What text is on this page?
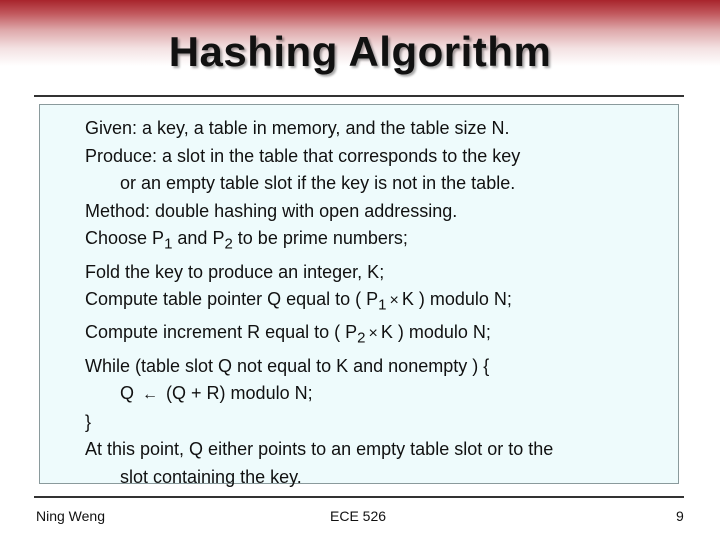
Hashing Algorithm
Given: a key, a table in memory, and the table size N.
Produce: a slot in the table that corresponds to the key
or an empty table slot if the key is not in the table.
Method: double hashing with open addressing.
Choose $P_1$ and $P_2$ to be prime numbers;
Fold the key to produce an integer, K;
Compute table pointer Q equal to ( $P_1 \times K$ ) modulo N;
Compute increment R equal to ( $P_2 \times K$ ) modulo N;
While (table slot Q not equal to K and nonempty ) {
Q ← (Q + R) modulo N;
}
At this point, Q either points to an empty table slot or to the
slot containing the key.
Ning Weng	ECE 526	9
